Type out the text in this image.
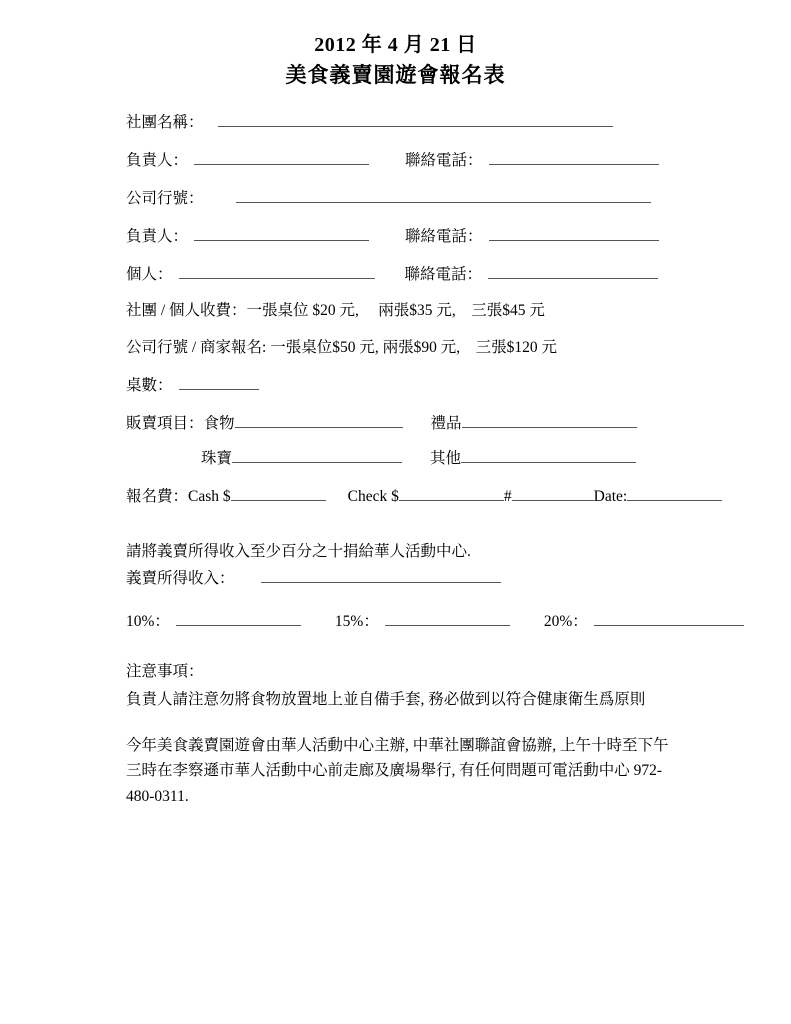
2012 年 4 月 21 日
美食義賣園遊會報名表
社團名稱：
負責人：	聯絡電話：
公司行號：
負責人：	聯絡電話：
個人：	聯絡電話：
社團 / 個人收費：一張桌位 $20 元,     兩張$35 元,    三張$45 元
公司行號 / 商家報名: 一張桌位$50 元, 兩張$90 元,    三張$120 元
桌數：
販賣項目： 食物	禮品
珠寶	其他
報名費： Cash $	Check $	#	Date:
請將義賣所得收入至少百分之十捐給華人活動中心.
義賣所得收入：
10%：	15%：	20%：
注意事項：
負責人請注意勿將食物放置地上並自備手套, 務必做到以符合健康衛生爲原則
今年美食義賣園遊會由華人活動中心主辦, 中華社團聯誼會協辦, 上午十時至下午三時在李察遜市華人活動中心前走廊及廣場舉行, 有任何問題可電活動中心 972-480-0311.
